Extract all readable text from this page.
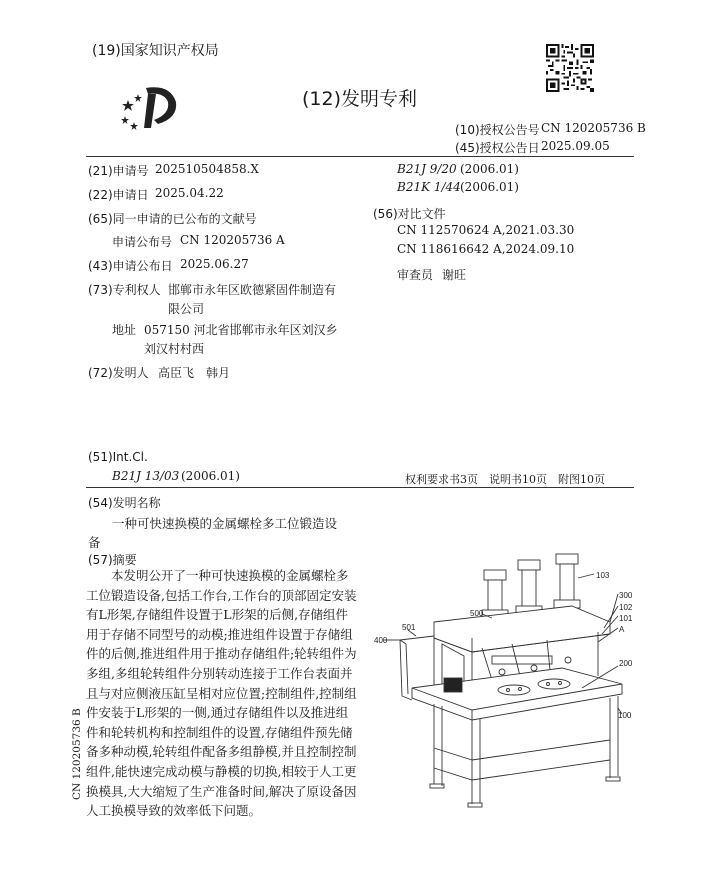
(19)国家知识产权局
(12)发明专利
(10)授权公告号 CN 120205736 B
(45)授权公告日 2025.09.05
(21)申请号 202510504858.X
(22)申请日 2025.04.22
(65)同一申请的已公布的文献号
申请公布号 CN 120205736 A
(43)申请公布日 2025.06.27
(73)专利权人 邯郸市永年区欧德紧固件制造有
限公司
地址 057150 河北省邯郸市永年区刘汉乡
刘汉村村西
(72)发明人 高臣飞　韩月
(51)Int.Cl.
B21J 13/03 (2006.01)
B21J 9/20 (2006.01)
B21K 1/44 (2006.01)
(56)对比文件
CN 112570624 A,2021.03.30
CN 118616642 A,2024.09.10
审查员 谢旺
权利要求书3页　说明书10页　附图10页
(54)发明名称
一种可快速换模的金属螺栓多工位锻造设
备
(57)摘要
本发明公开了一种可快速换模的金属螺栓多工位锻造设备,包括工作台,工作台的顶部固定安装有L形架,存储组件设置于L形架的后侧,存储组件用于存储不同型号的动模;推进组件设置于存储组件的后侧,推进组件用于推动存储组件;轮转组件为多组,多组轮转组件分别转动连接于工作台表面并且与对应侧液压缸呈相对应位置;控制组件,控制组件安装于L形架的一侧,通过存储组件以及推进组件和轮转机构和控制组件的设置,存储组件预先储备多种动模,轮转组件配备多组静模,并且控制控制组件,能快速完成动模与静模的切换,相较于人工更换模具,大大缩短了生产准备时间,解决了原设备因人工换模导致的效率低下问题。
CN 120205736 B
103
300
102
101
A
400
501
500
200
100
